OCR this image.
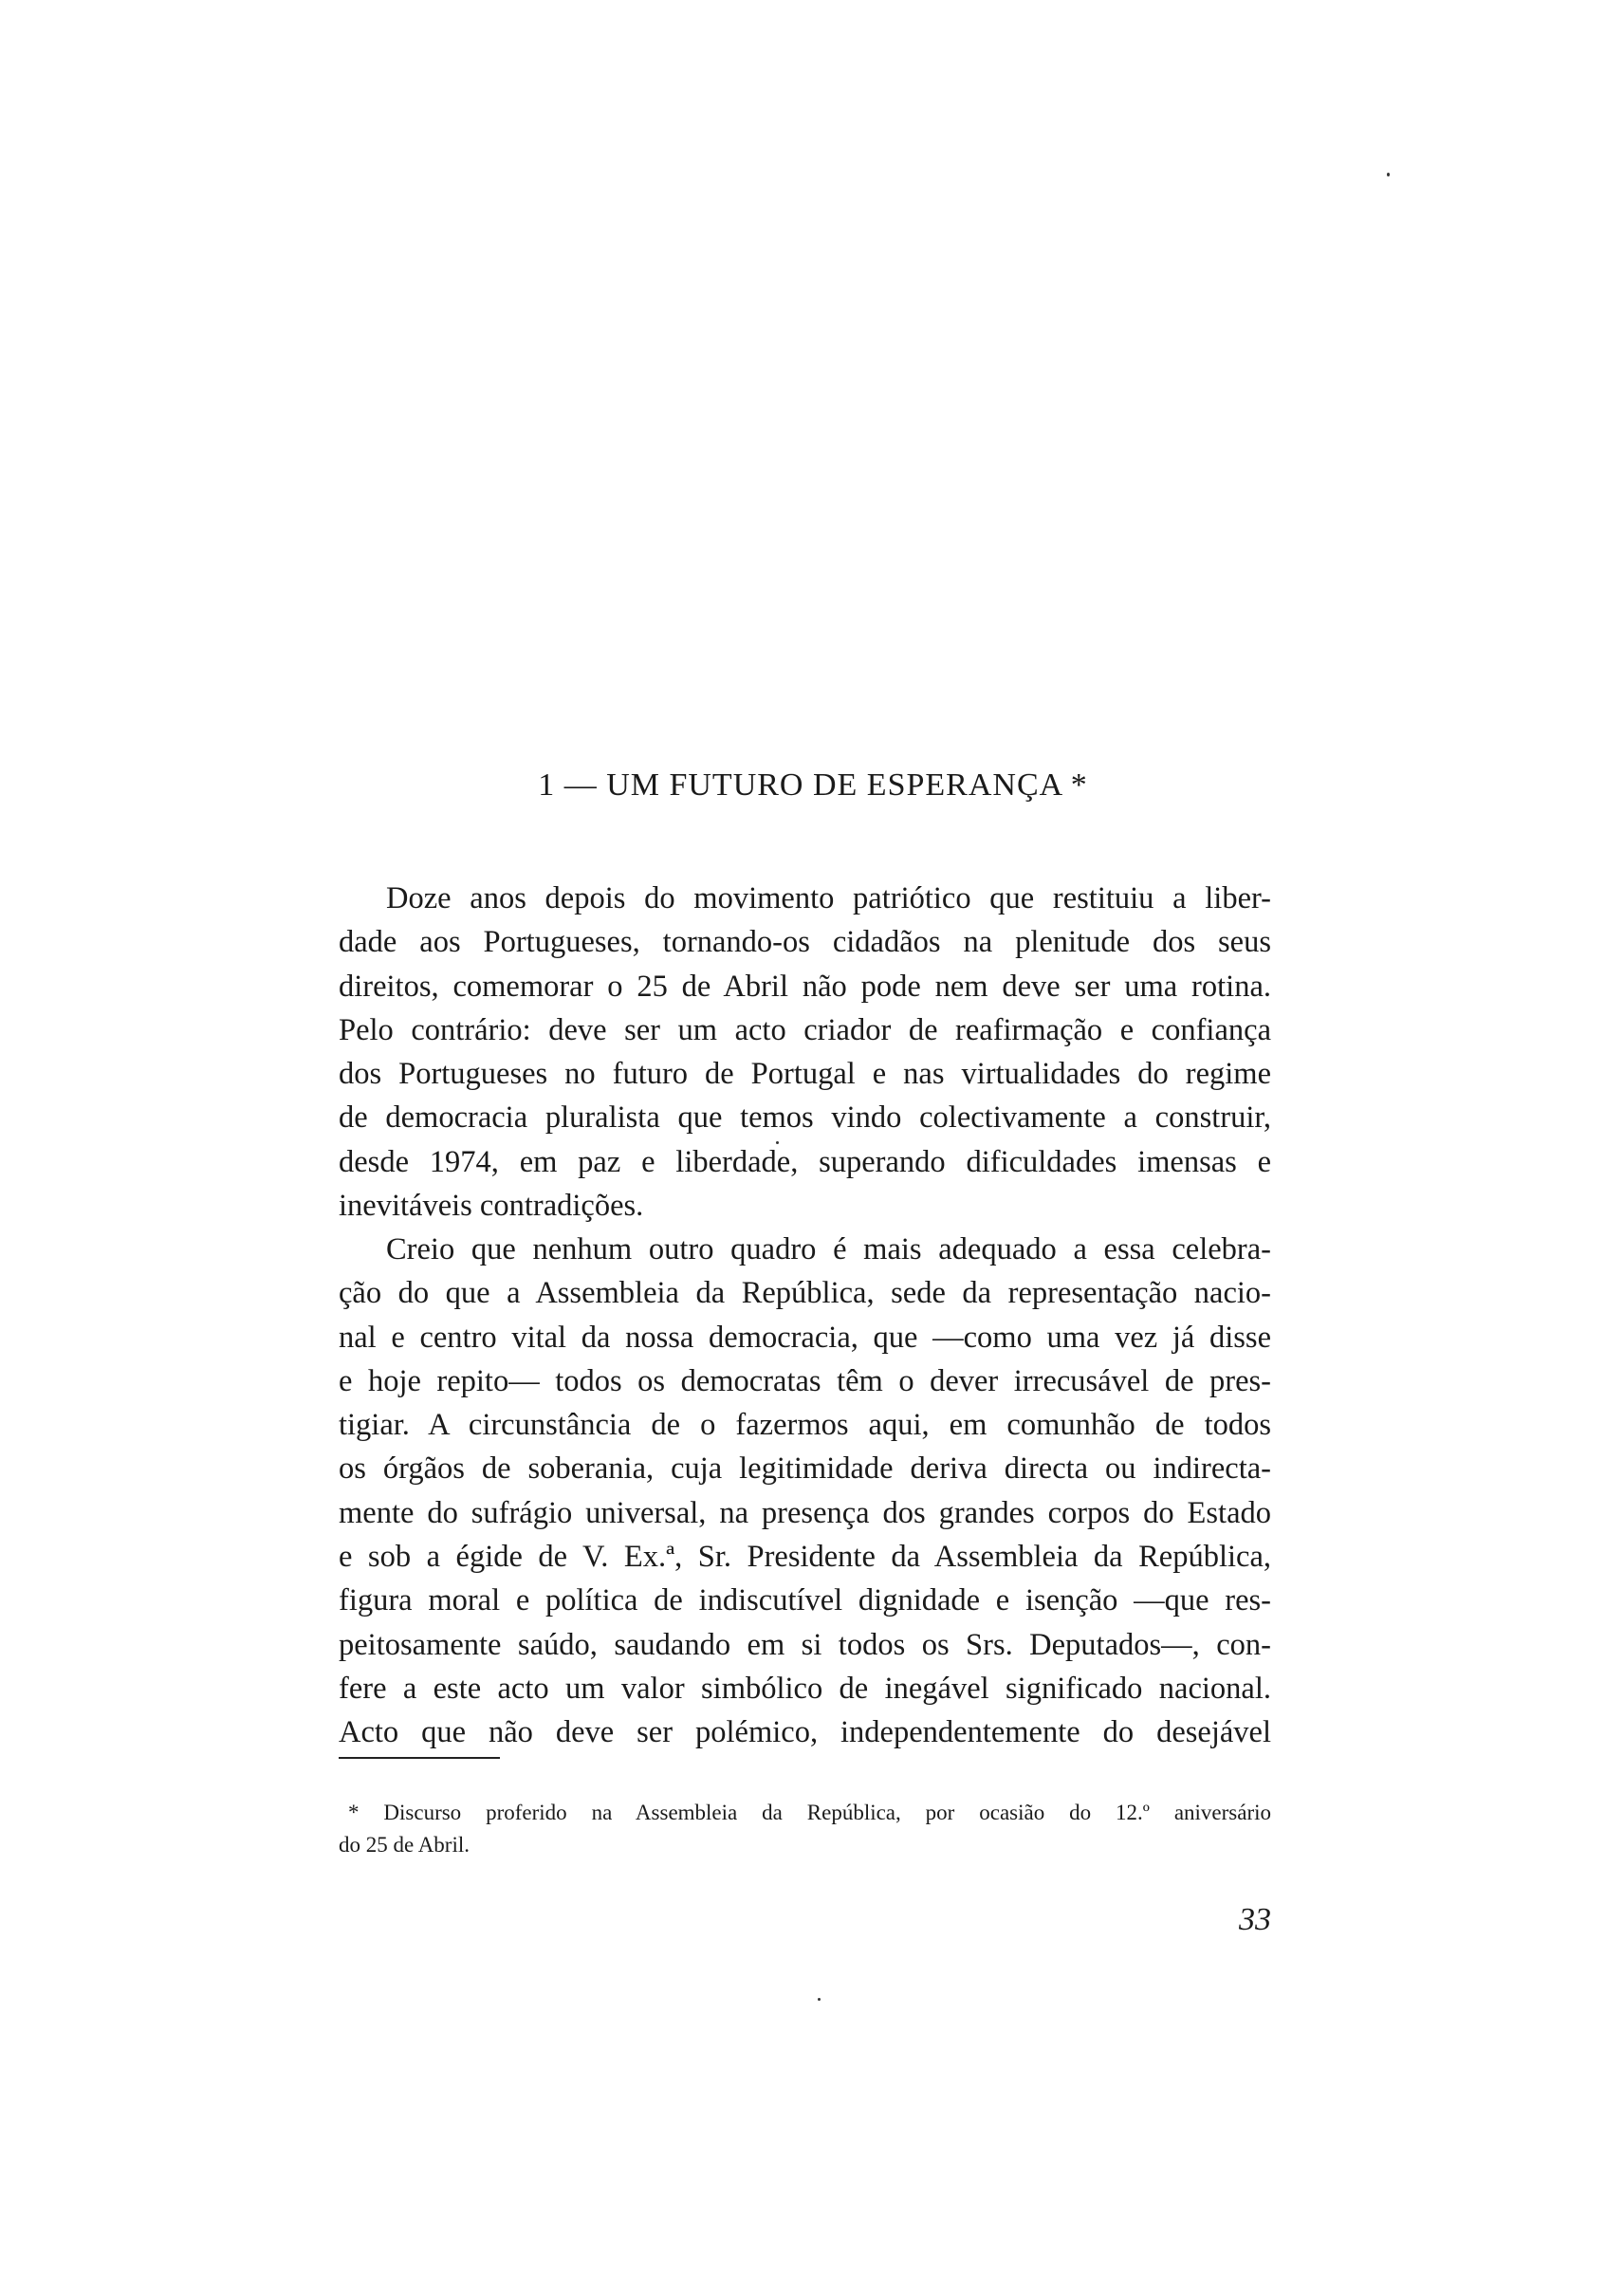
1 — UM FUTURO DE ESPERANÇA *
Doze anos depois do movimento patriótico que restituiu a liber-
dade aos Portugueses, tornando-os cidadãos na plenitude dos seus
direitos, comemorar o 25 de Abril não pode nem deve ser uma rotina.
Pelo contrário: deve ser um acto criador de reafirmação e confiança
dos Portugueses no futuro de Portugal e nas virtualidades do regime
de democracia pluralista que temos vindo colectivamente a construir,
desde 1974, em paz e liberdade, superando dificuldades imensas e
inevitáveis contradições.
Creio que nenhum outro quadro é mais adequado a essa celebra-
ção do que a Assembleia da República, sede da representação nacio-
nal e centro vital da nossa democracia, que —como uma vez já disse
e hoje repito— todos os democratas têm o dever irrecusável de pres-
tigiar. A circunstância de o fazermos aqui, em comunhão de todos
os órgãos de soberania, cuja legitimidade deriva directa ou indirecta-
mente do sufrágio universal, na presença dos grandes corpos do Estado
e sob a égide de V. Ex.ª, Sr. Presidente da Assembleia da República,
figura moral e política de indiscutível dignidade e isenção —que res-
peitosamente saúdo, saudando em si todos os Srs. Deputados—, con-
fere a este acto um valor simbólico de inegável significado nacional.
Acto que não deve ser polémico, independentemente do desejável
* Discurso proferido na Assembleia da República, por ocasião do 12.º aniversário
do 25 de Abril.
33
